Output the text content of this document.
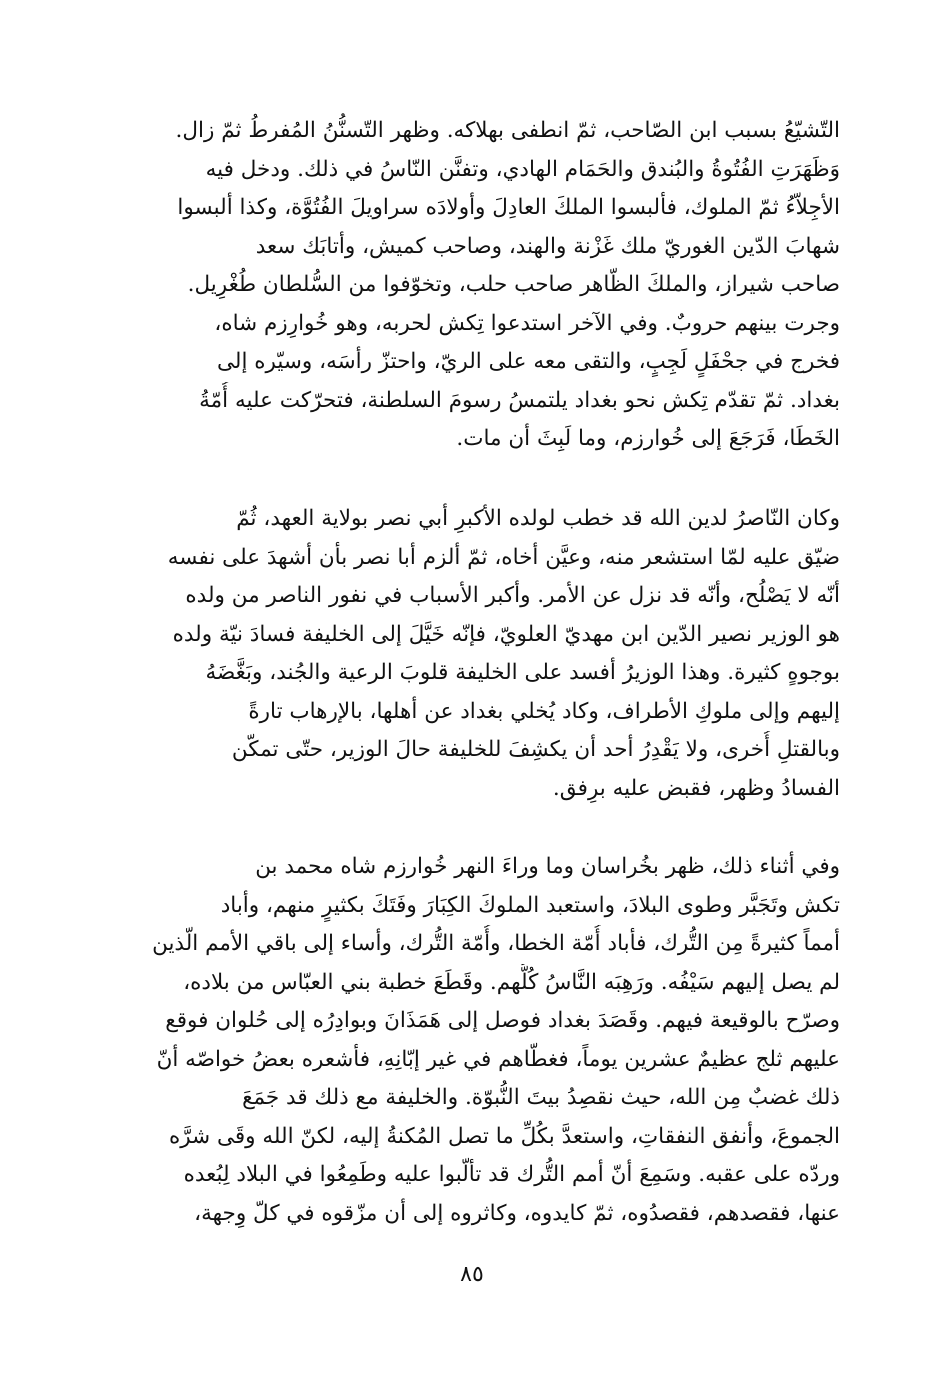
التّشيّعُ بسبب ابن الصّاحب، ثمّ انطفى بهلاكه. وظهر التّسنُّنُ المُفرطُ ثمّ زال.
وَظَهَرَتِ الفُتُوةُ والبُندق والحَمَام الهادي، وتفنَّن النّاسُ في ذلك. ودخل فيه
الأجِلاّءُ ثمّ الملوك، فألبسوا الملكَ العادِلَ وأولادَه سراويلَ الفُتُوَّة، وكذا ألبسوا
شهابَ الدّين الغوريّ ملك غَزْنة والهند، وصاحب كميش، وأتابَك سعد
صاحب شيراز، والملكَ الظّاهر صاحب حلب، وتخوّفوا من السُّلطان طُغْرِيل.
وجرت بينهم حروبٌ. وفي الآخر استدعوا تِكش لحربه، وهو خُوارِزم شاه،
فخرج في جحْفَلٍ لَجِبٍ، والتقى معه على الريّ، واحتزّ رأسَه، وسيّره إلى
بغداد. ثمّ تقدّم تِكش نحو بغداد يلتمسُ رسومَ السلطنة، فتحرّكت عليه أُمّةُ
الخَطَا، فَرَجَعَ إلى خُوارزم، وما لَبِثَ أن مات.
وكان النّاصرُ لدين الله قد خطب لولده الأكبرِ أبي نصر بولاية العهد، ثُمّ
ضيّق عليه لمّا استشعر منه، وعيَّن أخاه، ثمّ ألزم أبا نصر بأن أشهدَ على نفسه
أنّه لا يَصْلُح، وأنّه قد نزل عن الأمر. وأكبر الأسباب في نفور الناصر من ولده
هو الوزير نصير الدّين ابن مهديّ العلويّ، فإنّه خَيَّلَ إلى الخليفة فسادَ نيّة ولده
بوجوهٍ كثيرة. وهذا الوزيرُ أفسد على الخليفة قلوبَ الرعية والجُند، وبَغَّضَهُ
إليهم وإلى ملوكِ الأطراف، وكاد يُخلي بغداد عن أهلها، بالإرهاب تارةً
وبالقتلِ أُخرى، ولا يَقْدِرُ أحد أن يكشِفَ للخليفة حالَ الوزير، حتّى تمكّن
الفسادُ وظهر، فقبض عليه برِفق.
وفي أثناء ذلك، ظهر بخُراسان وما وراءَ النهر خُوارزم شاه محمد بن
تكش وتَجَبَّر وطوى البلادَ، واستعبد الملوكَ الكِبَارَ وفَتَكَ بكثيرٍ منهم، وأباد
أمماً كثيرةً مِن التُّرك، فأباد أُمّة الخطا، وأُمّة التُّرك، وأساء إلى باقي الأمم الّذين
لم يصل إليهم سَيْفُه. ورَهِبَه النَّاسُ كُلُّهم. وقَطَعَ خطبة بني العبّاس من بلاده،
وصرّح بالوقيعة فيهم. وقَصَدَ بغداد فوصل إلى هَمَذَانَ وبوادِرُه إلى حُلوان فوقع
عليهم ثلج عظيمٌ عشرين يوماً، فغطّاهم في غير إبّانِهِ، فأشعره بعضُ خواصّه أنّ
ذلك غضبٌ مِن الله، حيث نقصِدُ بيتَ النُّبوّة. والخليفة مع ذلك قد جَمَعَ
الجموعَ، وأنفق النفقاتِ، واستعدَّ بكُلِّ ما تصل المُكنةُ إليه، لكنّ الله وقَى شرَّه
وردّه على عقبه. وسَمِعَ أنّ أمم التُّرك قد تألّبوا عليه وطَمِعُوا في البلاد لِبُعده
عنها، فقصدهم، فقصدُوه، ثمّ كايدوه، وكاثروه إلى أن مزّقوه في كلّ وِجهة،
٨٥
